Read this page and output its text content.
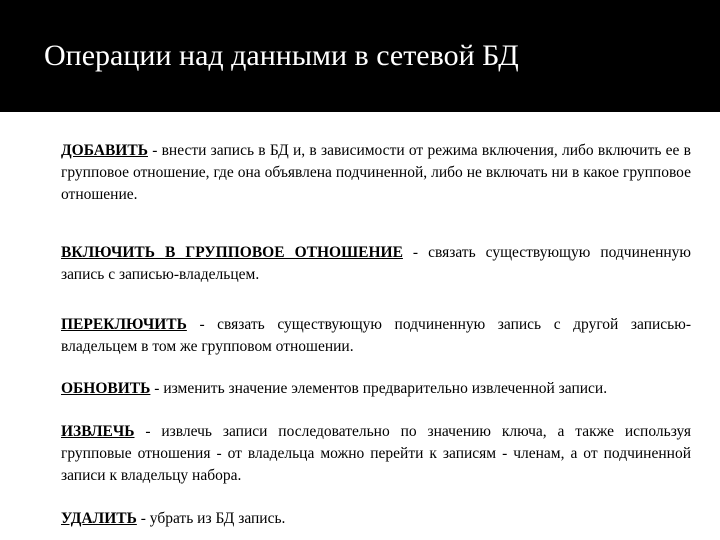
Операции над данными в сетевой БД

ДОБАВИТЬ - внести запись в БД и, в зависимости от режима включения, либо включить ее в групповое отношение, где она объявлена подчиненной, либо не включать ни в какое групповое отношение.

ВКЛЮЧИТЬ В ГРУППОВОЕ ОТНОШЕНИЕ - связать существующую подчиненную запись с записью-владельцем.

ПЕРЕКЛЮЧИТЬ - связать существующую подчиненную запись с другой записью-владельцем в том же групповом отношении.

ОБНОВИТЬ - изменить значение элементов предварительно извлеченной записи.

ИЗВЛЕЧЬ - извлечь записи последовательно по значению ключа, а также используя групповые отношения - от владельца можно перейти к записям - членам, а от подчиненной записи к владельцу набора.

УДАЛИТЬ - убрать из БД запись.
